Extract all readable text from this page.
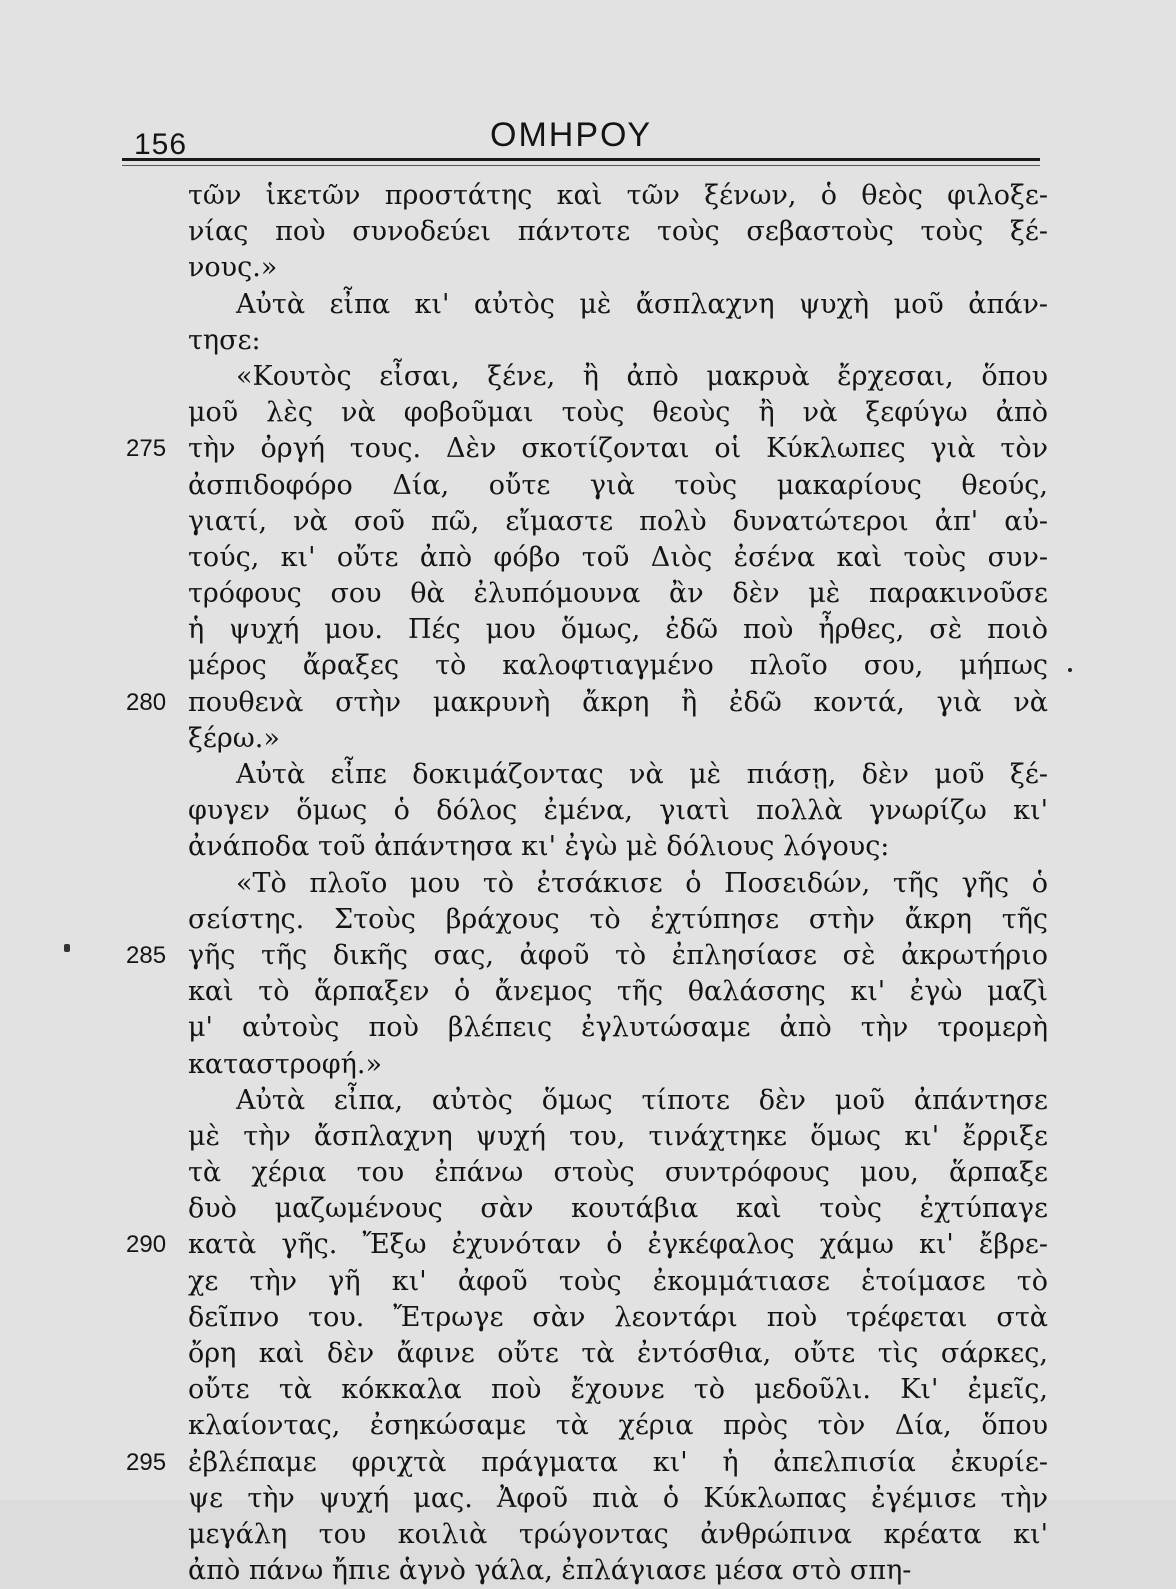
156	ΟΜΗΡΟΥ
τῶν ἱκετῶν προστάτης καὶ τῶν ξένων, ὁ θεὸς φιλοξε-
νίας ποὺ συνοδεύει πάντοτε τοὺς σεβαστοὺς τοὺς ξέ-
νους.»
Αὐτὰ εἶπα κι' αὐτὸς μὲ ἄσπλαχνη ψυχὴ μοῦ ἀπάν-
τησε:
«Κουτὸς εἶσαι, ξένε, ἢ ἀπὸ μακρυὰ ἔρχεσαι, ὅπου
μοῦ λὲς νὰ φοβοῦμαι τοὺς θεοὺς ἢ νὰ ξεφύγω ἀπὸ
275 τὴν ὀργή τους. Δὲν σκοτίζονται οἱ Κύκλωπες γιὰ τὸν
ἀσπιδοφόρο Δία, οὔτε γιὰ τοὺς μακαρίους θεούς,
γιατί, νὰ σοῦ πῶ, εἴμαστε πολὺ δυνατώτεροι ἀπ' αὐ-
τούς, κι' οὔτε ἀπὸ φόβο τοῦ Διὸς ἐσένα καὶ τοὺς συν-
τρόφους σου θὰ ἐλυπόμουνα ἂν δὲν μὲ παρακινοῦσε
ἡ ψυχή μου. Πές μου ὅμως, ἐδῶ ποὺ ἦρθες, σὲ ποιὸ
μέρος ἄραξες τὸ καλοφτιαγμένο πλοῖο σου, μήπως
280 πουθενὰ στὴν μακρυνὴ ἄκρη ἢ ἐδῶ κοντά, γιὰ νὰ
ξέρω.»
Αὐτὰ εἶπε δοκιμάζοντας νὰ μὲ πιάσῃ, δὲν μοῦ ξέ-
φυγεν ὅμως ὁ δόλος ἐμένα, γιατὶ πολλὰ γνωρίζω κι'
ἀνάποδα τοῦ ἀπάντησα κι' ἐγὼ μὲ δόλιους λόγους:
«Τὸ πλοῖο μου τὸ ἐτσάκισε ὁ Ποσειδών, τῆς γῆς ὁ
σείστης. Στοὺς βράχους τὸ ἐχτύπησε στὴν ἄκρη τῆς
285 γῆς τῆς δικῆς σας, ἀφοῦ τὸ ἐπλησίασε σὲ ἀκρωτήριο
καὶ τὸ ἅρπαξεν ὁ ἄνεμος τῆς θαλάσσης κι' ἐγὼ μαζὶ
μ' αὐτοὺς ποὺ βλέπεις ἐγλυτώσαμε ἀπὸ τὴν τρομερὴ
καταστροφή.»
Αὐτὰ εἶπα, αὐτὸς ὅμως τίποτε δὲν μοῦ ἀπάντησε
μὲ τὴν ἄσπλαχνη ψυχή του, τινάχτηκε ὅμως κι' ἔρριξε
τὰ χέρια του ἐπάνω στοὺς συντρόφους μου, ἅρπαξε
δυὸ μαζωμένους σὰν κουτάβια καὶ τοὺς ἐχτύπαγε
290 κατὰ γῆς. Ἔξω ἐχυνόταν ὁ ἐγκέφαλος χάμω κι' ἔβρε-
χε τὴν γῆ κι' ἀφοῦ τοὺς ἐκομμάτιασε ἑτοίμασε τὸ
δεῖπνο του. Ἔτρωγε σὰν λεοντάρι ποὺ τρέφεται στὰ
ὄρη καὶ δὲν ἄφινε οὔτε τὰ ἐντόσθια, οὔτε τὶς σάρκες,
οὔτε τὰ κόκκαλα ποὺ ἔχουνε τὸ μεδοῦλι. Κι' ἐμεῖς,
κλαίοντας, ἐσηκώσαμε τὰ χέρια πρὸς τὸν Δία, ὅπου
295 ἐβλέπαμε φριχτὰ πράγματα κι' ἡ ἀπελπισία ἐκυρίε-
ψε τὴν ψυχή μας. Ἀφοῦ πιὰ ὁ Κύκλωπας ἐγέμισε τὴν
μεγάλη του κοιλιὰ τρώγοντας ἀνθρώπινα κρέατα κι'
ἀπὸ πάνω ἤπιε ἁγνὸ γάλα, ἐπλάγιασε μέσα στὸ σπη-
